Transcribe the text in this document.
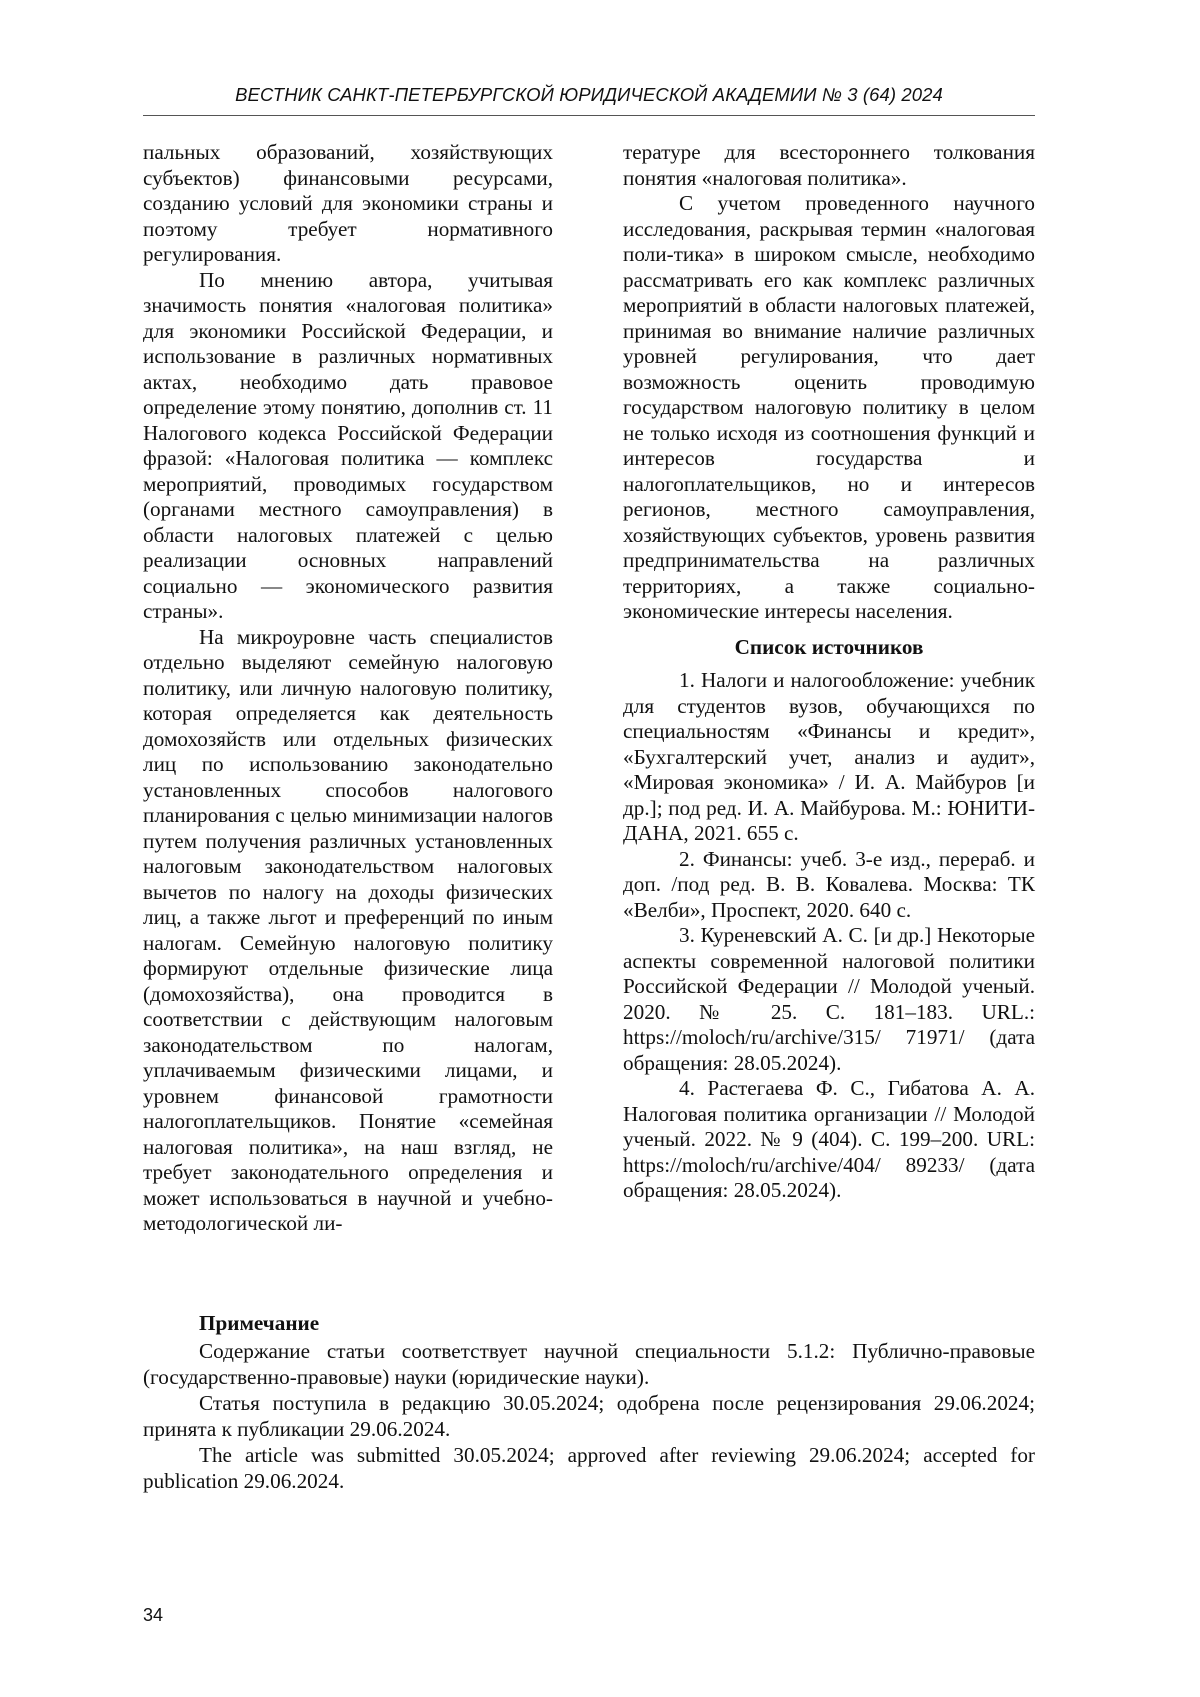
ВЕСТНИК САНКТ-ПЕТЕРБУРГСКОЙ ЮРИДИЧЕСКОЙ АКАДЕМИИ № 3 (64) 2024

пальных образований, хозяйствующих субъектов) финансовыми ресурсами, созданию условий для экономики страны и поэтому требует нормативного регулирования.

По мнению автора, учитывая значимость понятия «налоговая политика» для экономики Российской Федерации, и использование в различных нормативных актах, необходимо дать правовое определение этому понятию, дополнив ст. 11 Налогового кодекса Российской Федерации фразой: «Налоговая политика — комплекс мероприятий, проводимых государством (органами местного самоуправления) в области налоговых платежей с целью реализации основных направлений социально — экономического развития страны».

На микроуровне часть специалистов отдельно выделяют семейную налоговую политику, или личную налоговую политику, которая определяется как деятельность домохозяйств или отдельных физических лиц по использованию законодательно установленных способов налогового планирования с целью минимизации налогов путем получения различных установленных налоговым законодательством налоговых вычетов по налогу на доходы физических лиц, а также льгот и преференций по иным налогам. Семейную налоговую политику формируют отдельные физические лица (домохозяйства), она проводится в соответствии с действующим налоговым законодательством по налогам, уплачиваемым физическими лицами, и уровнем финансовой грамотности налогоплательщиков. Понятие «семейная налоговая политика», на наш взгляд, не требует законодательного определения и может использоваться в научной и учебно-методологической ли-

тературе для всестороннего толкования понятия «налоговая политика».

С учетом проведенного научного исследования, раскрывая термин «налоговая поли-тика» в широком смысле, необходимо рассматривать его как комплекс различных мероприятий в области налоговых платежей, принимая во внимание наличие различных уровней регулирования, что дает возможность оценить проводимую государством налоговую политику в целом не только исходя из соотношения функций и интересов государства и налогоплательщиков, но и интересов регионов, местного самоуправления, хозяйствующих субъектов, уровень развития предпринимательства на различных территориях, а также социально-экономические интересы населения.

Список источников

1. Налоги и налогообложение: учебник для студентов вузов, обучающихся по специальностям «Финансы и кредит», «Бухгалтерский учет, анализ и аудит», «Мировая экономика» / И. А. Майбуров [и др.]; под ред. И. А. Майбурова. М.: ЮНИТИ-ДАНА, 2021. 655 с.

2. Финансы: учеб. 3-е изд., перераб. и доп. /под ред. В. В. Ковалева. Москва: ТК «Велби», Проспект, 2020. 640 с.

3. Куреневский А. С. [и др.] Некоторые аспекты современной налоговой политики Российской Федерации // Молодой ученый. 2020. № 25. С. 181–183. URL.: https://moloch/ru/archive/315/ 71971/ (дата обращения: 28.05.2024).

4. Растегаева Ф. С., Гибатова А. А. Налоговая политика организации // Молодой ученый. 2022. № 9 (404). С. 199–200. URL: https://moloch/ru/archive/404/ 89233/ (дата обращения: 28.05.2024).

Примечание

Содержание статьи соответствует научной специальности 5.1.2: Публично-правовые (государственно-правовые) науки (юридические науки).

Статья поступила в редакцию 30.05.2024; одобрена после рецензирования 29.06.2024; принята к публикации 29.06.2024.

The article was submitted 30.05.2024; approved after reviewing 29.06.2024; accepted for publication 29.06.2024.

34
